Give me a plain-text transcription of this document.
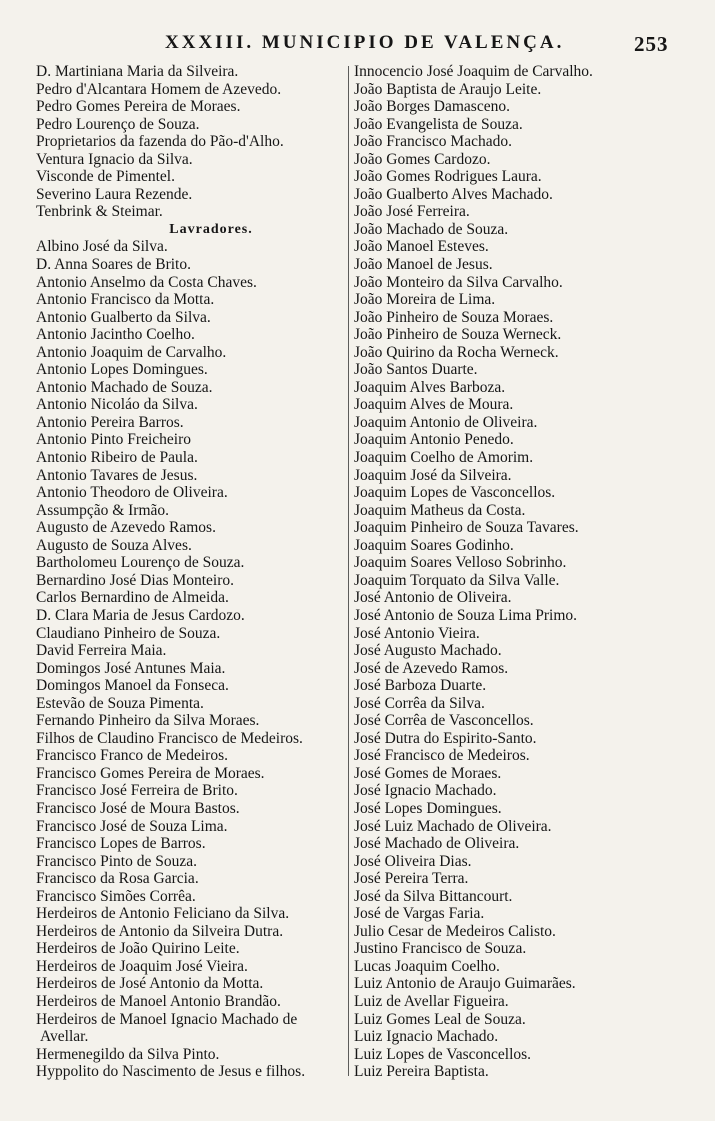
XXXIII. MUNICIPIO DE VALENÇA.	253
D. Martiniana Maria da Silveira.
Pedro d'Alcantara Homem de Azevedo.
Pedro Gomes Pereira de Moraes.
Pedro Lourenço de Souza.
Proprietarios da fazenda do Pão-d'Alho.
Ventura Ignacio da Silva.
Visconde de Pimentel.
Severino Laura Rezende.
Tenbrink & Steimar.
Lavradores.
Albino José da Silva.
D. Anna Soares de Brito.
Antonio Anselmo da Costa Chaves.
Antonio Francisco da Motta.
Antonio Gualberto da Silva.
Antonio Jacintho Coelho.
Antonio Joaquim de Carvalho.
Antonio Lopes Domingues.
Antonio Machado de Souza.
Antonio Nicoláo da Silva.
Antonio Pereira Barros.
Antonio Pinto Freicheiro
Antonio Ribeiro de Paula.
Antonio Tavares de Jesus.
Antonio Theodoro de Oliveira.
Assumpção & Irmão.
Augusto de Azevedo Ramos.
Augusto de Souza Alves.
Bartholomeu Lourenço de Souza.
Bernardino José Dias Monteiro.
Carlos Bernardino de Almeida.
D. Clara Maria de Jesus Cardozo.
Claudiano Pinheiro de Souza.
David Ferreira Maia.
Domingos José Antunes Maia.
Domingos Manoel da Fonseca.
Estevão de Souza Pimenta.
Fernando Pinheiro da Silva Moraes.
Filhos de Claudino Francisco de Medeiros.
Francisco Franco de Medeiros.
Francisco Gomes Pereira de Moraes.
Francisco José Ferreira de Brito.
Francisco José de Moura Bastos.
Francisco José de Souza Lima.
Francisco Lopes de Barros.
Francisco Pinto de Souza.
Francisco da Rosa Garcia.
Francisco Simões Corrêa.
Herdeiros de Antonio Feliciano da Silva.
Herdeiros de Antonio da Silveira Dutra.
Herdeiros de João Quirino Leite.
Herdeiros de Joaquim José Vieira.
Herdeiros de José Antonio da Motta.
Herdeiros de Manoel Antonio Brandão.
Herdeiros de Manoel Ignacio Machado de
Avellar.
Hermenegildo da Silva Pinto.
Hyppolito do Nascimento de Jesus e filhos.
Innocencio José Joaquim de Carvalho.
João Baptista de Araujo Leite.
João Borges Damasceno.
João Evangelista de Souza.
João Francisco Machado.
João Gomes Cardozo.
João Gomes Rodrigues Laura.
João Gualberto Alves Machado.
João José Ferreira.
João Machado de Souza.
João Manoel Esteves.
João Manoel de Jesus.
João Monteiro da Silva Carvalho.
João Moreira de Lima.
João Pinheiro de Souza Moraes.
João Pinheiro de Souza Werneck.
João Quirino da Rocha Werneck.
João Santos Duarte.
Joaquim Alves Barboza.
Joaquim Alves de Moura.
Joaquim Antonio de Oliveira.
Joaquim Antonio Penedo.
Joaquim Coelho de Amorim.
Joaquim José da Silveira.
Joaquim Lopes de Vasconcellos.
Joaquim Matheus da Costa.
Joaquim Pinheiro de Souza Tavares.
Joaquim Soares Godinho.
Joaquim Soares Velloso Sobrinho.
Joaquim Torquato da Silva Valle.
José Antonio de Oliveira.
José Antonio de Souza Lima Primo.
José Antonio Vieira.
José Augusto Machado.
José de Azevedo Ramos.
José Barboza Duarte.
José Corrêa da Silva.
José Corrêa de Vasconcellos.
José Dutra do Espirito-Santo.
José Francisco de Medeiros.
José Gomes de Moraes.
José Ignacio Machado.
José Lopes Domingues.
José Luiz Machado de Oliveira.
José Machado de Oliveira.
José Oliveira Dias.
José Pereira Terra.
José da Silva Bittancourt.
José de Vargas Faria.
Julio Cesar de Medeiros Calisto.
Justino Francisco de Souza.
Lucas Joaquim Coelho.
Luiz Antonio de Araujo Guimarães.
Luiz de Avellar Figueira.
Luiz Gomes Leal de Souza.
Luiz Ignacio Machado.
Luiz Lopes de Vasconcellos.
Luiz Pereira Baptista.
